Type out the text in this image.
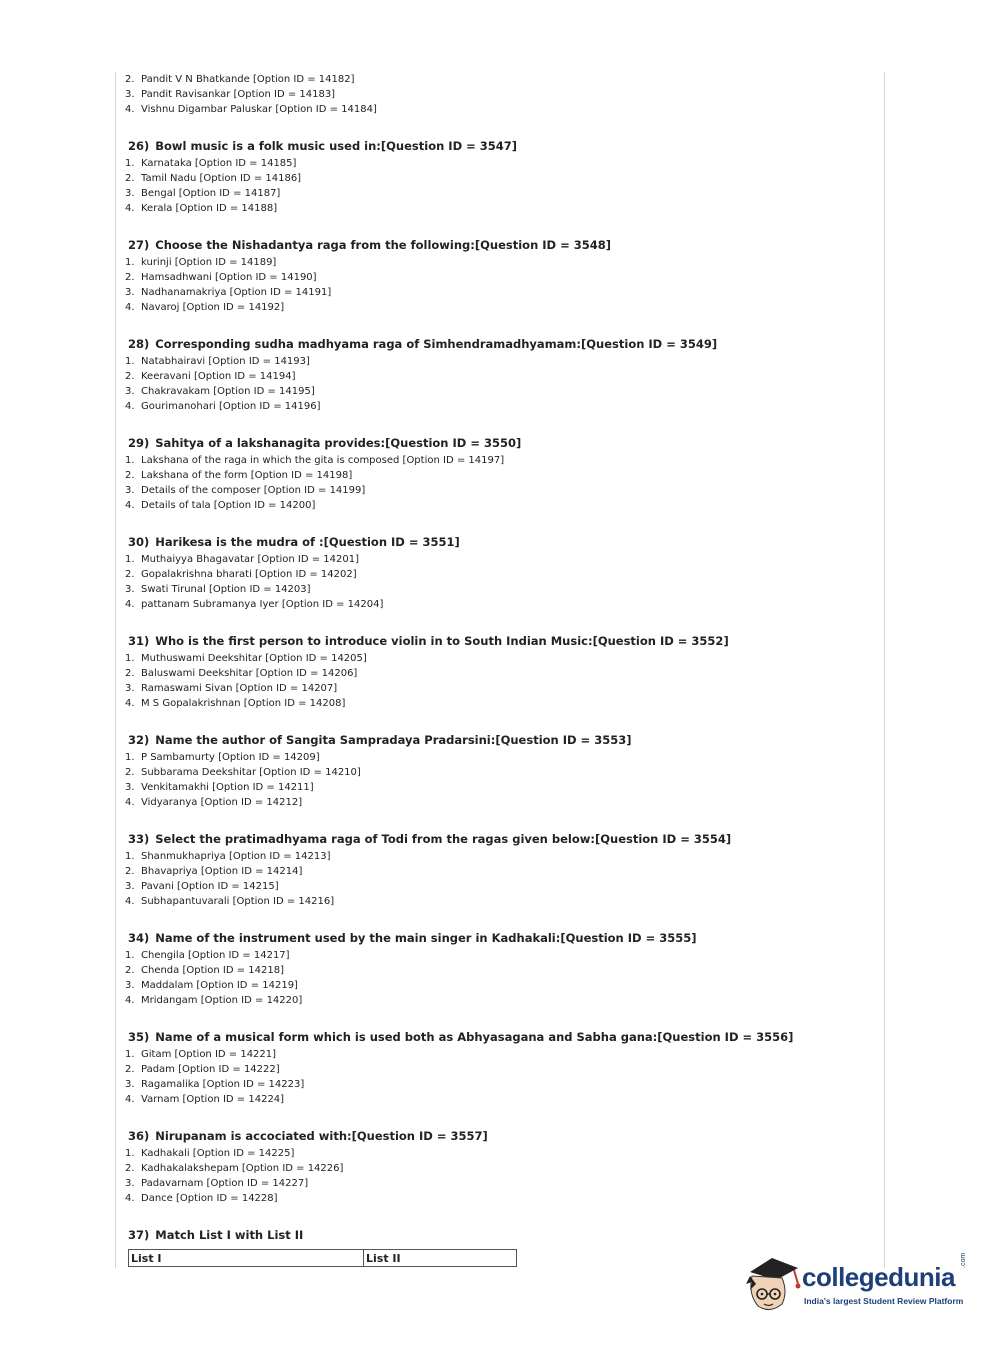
2. Pandit V N Bhatkande [Option ID = 14182]
3. Pandit Ravisankar [Option ID = 14183]
4. Vishnu Digambar Paluskar [Option ID = 14184]
26) Bowl music is a folk music used in:[Question ID = 3547]
1. Karnataka [Option ID = 14185]
2. Tamil Nadu [Option ID = 14186]
3. Bengal [Option ID = 14187]
4. Kerala [Option ID = 14188]
27) Choose the Nishadantya raga from the following:[Question ID = 3548]
1. kurinji [Option ID = 14189]
2. Hamsadhwani [Option ID = 14190]
3. Nadhanamakriya [Option ID = 14191]
4. Navaroj [Option ID = 14192]
28) Corresponding sudha madhyama raga of Simhendramadhyamam:[Question ID = 3549]
1. Natabhairavi [Option ID = 14193]
2. Keeravani [Option ID = 14194]
3. Chakravakam [Option ID = 14195]
4. Gourimanohari [Option ID = 14196]
29) Sahitya of a lakshanagita provides:[Question ID = 3550]
1. Lakshana of the raga in which the gita is composed [Option ID = 14197]
2. Lakshana of the form [Option ID = 14198]
3. Details of the composer [Option ID = 14199]
4. Details of tala [Option ID = 14200]
30) Harikesa is the mudra of :[Question ID = 3551]
1. Muthaiyya Bhagavatar [Option ID = 14201]
2. Gopalakrishna bharati [Option ID = 14202]
3. Swati Tirunal [Option ID = 14203]
4. pattanam Subramanya Iyer [Option ID = 14204]
31) Who is the first person to introduce violin in to South Indian Music:[Question ID = 3552]
1. Muthuswami Deekshitar [Option ID = 14205]
2. Baluswami Deekshitar [Option ID = 14206]
3. Ramaswami Sivan [Option ID = 14207]
4. M S Gopalakrishnan [Option ID = 14208]
32) Name the author of Sangita Sampradaya Pradarsini:[Question ID = 3553]
1. P Sambamurty [Option ID = 14209]
2. Subbarama Deekshitar [Option ID = 14210]
3. Venkitamakhi [Option ID = 14211]
4. Vidyaranya [Option ID = 14212]
33) Select the pratimadhyama raga of Todi from the ragas given below:[Question ID = 3554]
1. Shanmukhapriya [Option ID = 14213]
2. Bhavapriya [Option ID = 14214]
3. Pavani [Option ID = 14215]
4. Subhapantuvarali [Option ID = 14216]
34) Name of the instrument used by the main singer in Kadhakali:[Question ID = 3555]
1. Chengila [Option ID = 14217]
2. Chenda [Option ID = 14218]
3. Maddalam [Option ID = 14219]
4. Mridangam [Option ID = 14220]
35) Name of a musical form which is used both as Abhyasagana and Sabha gana:[Question ID = 3556]
1. Gitam [Option ID = 14221]
2. Padam [Option ID = 14222]
3. Ragamalika [Option ID = 14223]
4. Varnam [Option ID = 14224]
36) Nirupanam is accociated with:[Question ID = 3557]
1. Kadhakali [Option ID = 14225]
2. Kadhakalakshepam [Option ID = 14226]
3. Padavarnam [Option ID = 14227]
4. Dance [Option ID = 14228]
37) Match List I with List II
List I	List II
collegedunia
.com
India's largest Student Review Platform
